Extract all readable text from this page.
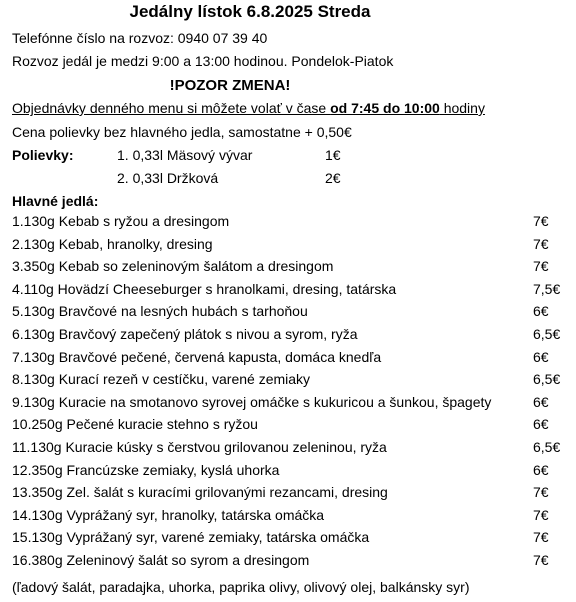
Jedálny lístok 6.8.2025 Streda
Telefónne číslo na rozvoz: 0940 07 39 40
Rozvoz jedál je medzi 9:00 a 13:00 hodinou. Pondelok-Piatok
!POZOR ZMENA!
Objednávky denného menu si môžete volať v čase od 7:45 do 10:00 hodiny
Cena polievky bez hlavného jedla, samostatne + 0,50€
Polievky:	1. 0,33l Mäsový vývar	1€
2. 0,33l Držková	2€
Hlavné jedlá:
1.130g Kebab s ryžou a dresingom	7€
2.130g Kebab, hranolky, dresing	7€
3.350g Kebab so zeleninovým šalátom a dresingom	7€
4.110g Hovädzí Cheeseburger s hranolkami, dresing, tatárska	7,5€
5.130g Bravčové na lesných hubách s tarhoňou	6€
6.130g Bravčový zapečený plátok s nivou a syrom, ryža	6,5€
7.130g Bravčové pečené, červená kapusta, domáca knedľa	6€
8.130g Kurací rezeň v cestíčku, varené zemiaky	6,5€
9.130g Kuracie na smotanovo syrovej omáčke s kukuricou a šunkou, špagety	6€
10.250g Pečené kuracie stehno s ryžou	6€
11.130g Kuracie kúsky s čerstvou grilovanou zeleninou, ryža	6,5€
12.350g Francúzske zemiaky, kyslá uhorka	6€
13.350g Zel. šalát s kuracími grilovanými rezancami, dresing	7€
14.130g Vyprážaný syr, hranolky, tatárska omáčka	7€
15.130g Vyprážaný syr, varené zemiaky, tatárska omáčka	7€
16.380g Zeleninový šalát so syrom a dresingom	7€
(ľadový šalát, paradajka, uhorka, paprika olivy, olivový olej, balkánsky syr)
